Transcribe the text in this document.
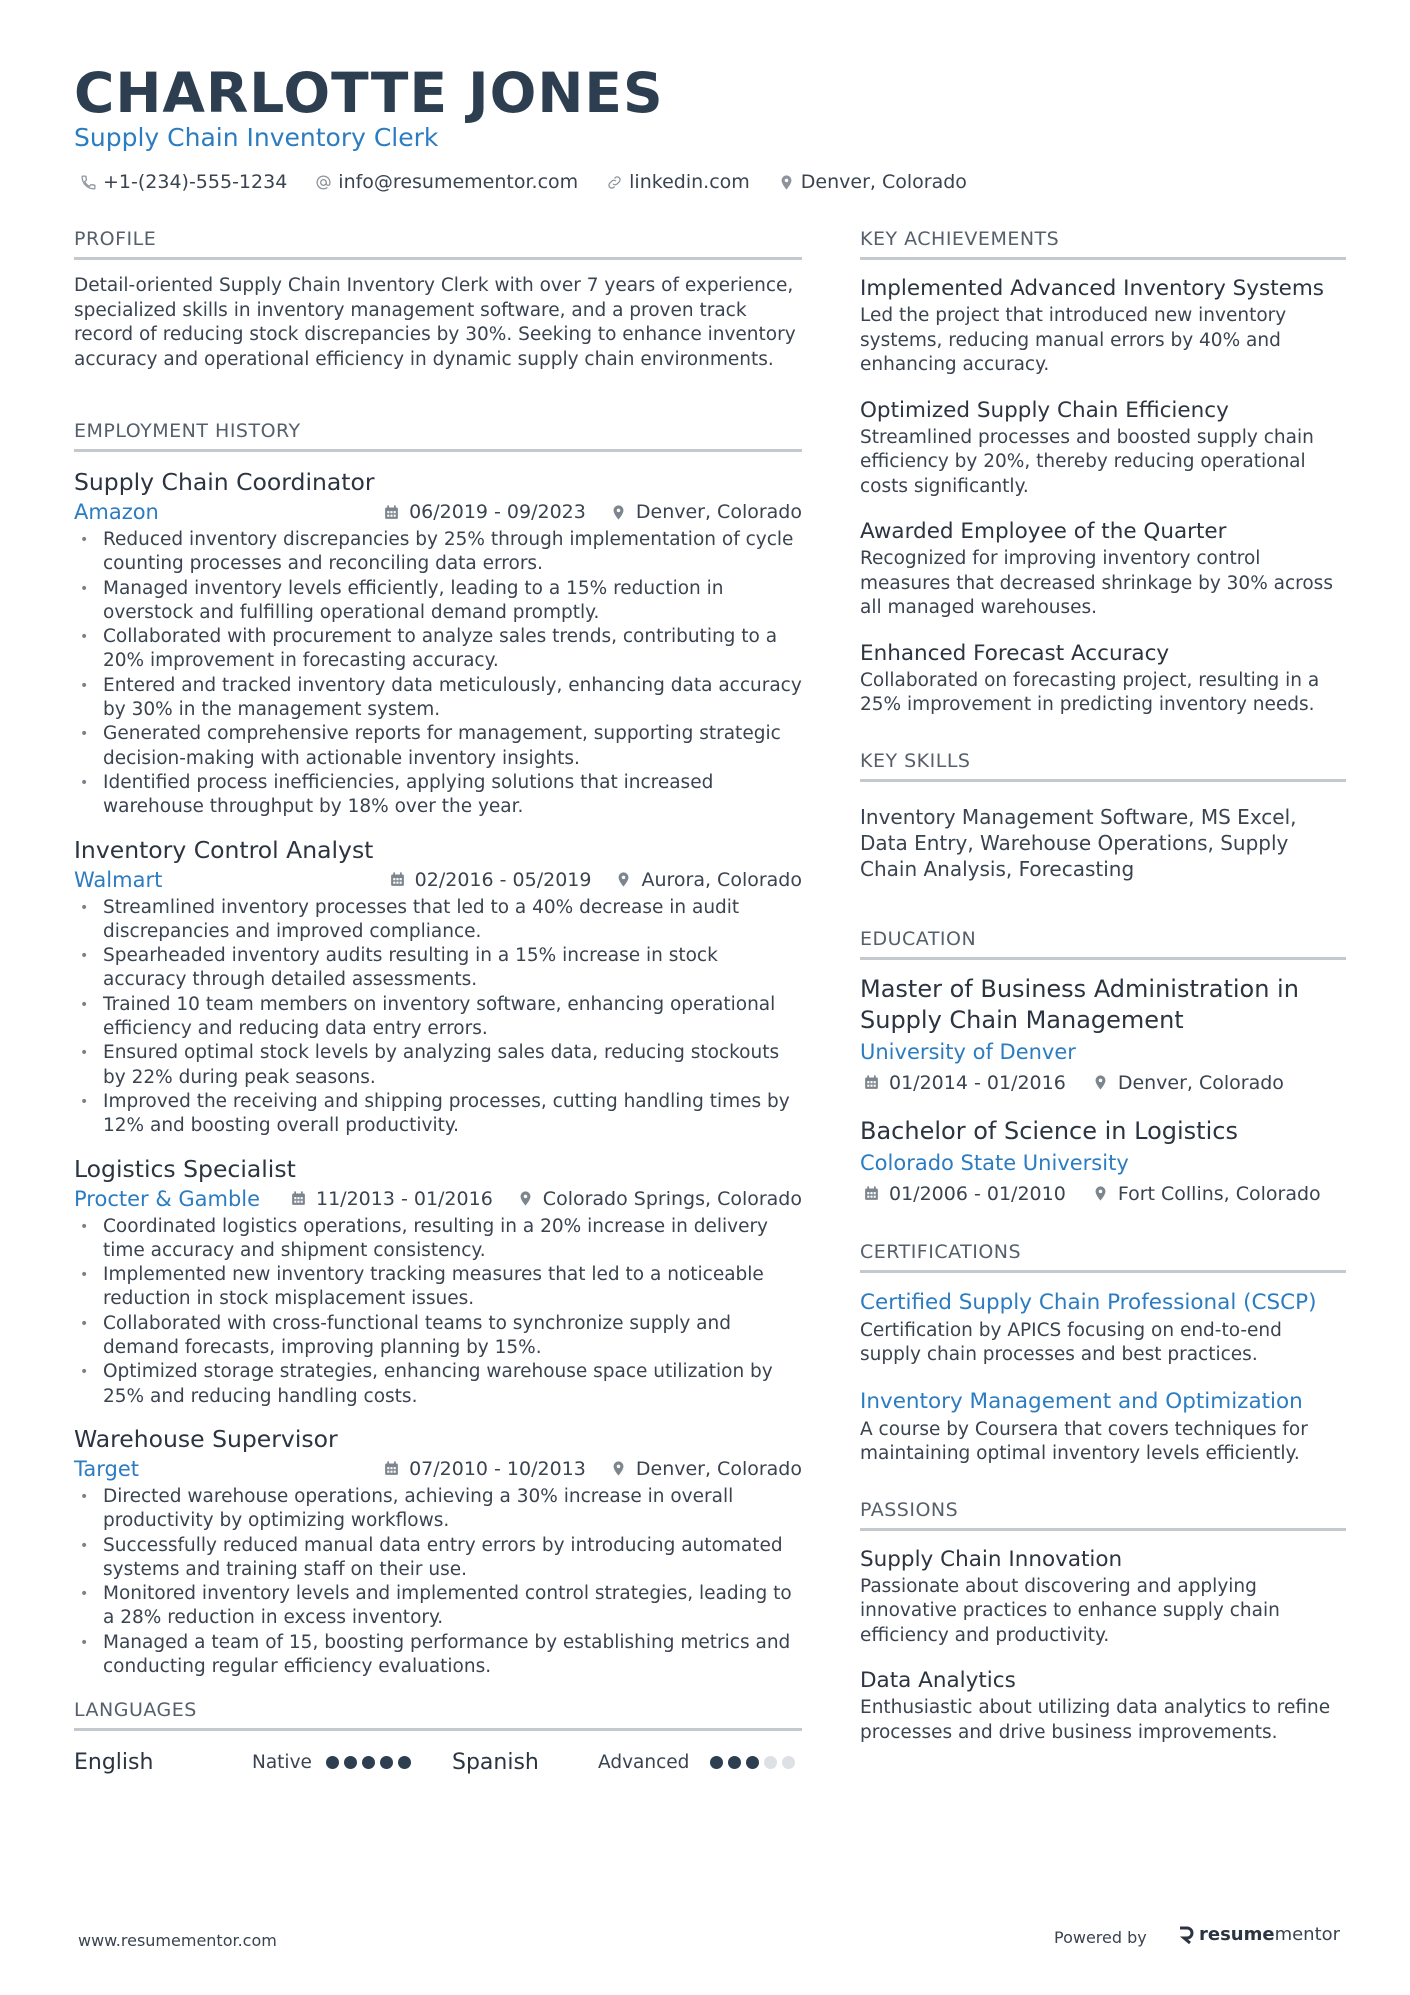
CHARLOTTE JONES
Supply Chain Inventory Clerk
+1-(234)-555-1234	info@resumementor.com	linkedin.com	Denver, Colorado
PROFILE
Detail-oriented Supply Chain Inventory Clerk with over 7 years of experience, specialized skills in inventory management software, and a proven track record of reducing stock discrepancies by 30%. Seeking to enhance inventory accuracy and operational efficiency in dynamic supply chain environments.
EMPLOYMENT HISTORY
Supply Chain Coordinator
Amazon	06/2019 - 09/2023	Denver, Colorado
• Reduced inventory discrepancies by 25% through implementation of cycle counting processes and reconciling data errors.
• Managed inventory levels efficiently, leading to a 15% reduction in overstock and fulfilling operational demand promptly.
• Collaborated with procurement to analyze sales trends, contributing to a 20% improvement in forecasting accuracy.
• Entered and tracked inventory data meticulously, enhancing data accuracy by 30% in the management system.
• Generated comprehensive reports for management, supporting strategic decision-making with actionable inventory insights.
• Identified process inefficiencies, applying solutions that increased warehouse throughput by 18% over the year.
Inventory Control Analyst
Walmart	02/2016 - 05/2019	Aurora, Colorado
• Streamlined inventory processes that led to a 40% decrease in audit discrepancies and improved compliance.
• Spearheaded inventory audits resulting in a 15% increase in stock accuracy through detailed assessments.
• Trained 10 team members on inventory software, enhancing operational efficiency and reducing data entry errors.
• Ensured optimal stock levels by analyzing sales data, reducing stockouts by 22% during peak seasons.
• Improved the receiving and shipping processes, cutting handling times by 12% and boosting overall productivity.
Logistics Specialist
Procter & Gamble	11/2013 - 01/2016	Colorado Springs, Colorado
• Coordinated logistics operations, resulting in a 20% increase in delivery time accuracy and shipment consistency.
• Implemented new inventory tracking measures that led to a noticeable reduction in stock misplacement issues.
• Collaborated with cross-functional teams to synchronize supply and demand forecasts, improving planning by 15%.
• Optimized storage strategies, enhancing warehouse space utilization by 25% and reducing handling costs.
Warehouse Supervisor
Target	07/2010 - 10/2013	Denver, Colorado
• Directed warehouse operations, achieving a 30% increase in overall productivity by optimizing workflows.
• Successfully reduced manual data entry errors by introducing automated systems and training staff on their use.
• Monitored inventory levels and implemented control strategies, leading to a 28% reduction in excess inventory.
• Managed a team of 15, boosting performance by establishing metrics and conducting regular efficiency evaluations.
LANGUAGES
English	Native	Spanish	Advanced
KEY ACHIEVEMENTS
Implemented Advanced Inventory Systems
Led the project that introduced new inventory systems, reducing manual errors by 40% and enhancing accuracy.
Optimized Supply Chain Efficiency
Streamlined processes and boosted supply chain efficiency by 20%, thereby reducing operational costs significantly.
Awarded Employee of the Quarter
Recognized for improving inventory control measures that decreased shrinkage by 30% across all managed warehouses.
Enhanced Forecast Accuracy
Collaborated on forecasting project, resulting in a 25% improvement in predicting inventory needs.
KEY SKILLS
Inventory Management Software, MS Excel, Data Entry, Warehouse Operations, Supply Chain Analysis, Forecasting
EDUCATION
Master of Business Administration in Supply Chain Management
University of Denver
01/2014 - 01/2016	Denver, Colorado
Bachelor of Science in Logistics
Colorado State University
01/2006 - 01/2010	Fort Collins, Colorado
CERTIFICATIONS
Certified Supply Chain Professional (CSCP)
Certification by APICS focusing on end-to-end supply chain processes and best practices.
Inventory Management and Optimization
A course by Coursera that covers techniques for maintaining optimal inventory levels efficiently.
PASSIONS
Supply Chain Innovation
Passionate about discovering and applying innovative practices to enhance supply chain efficiency and productivity.
Data Analytics
Enthusiastic about utilizing data analytics to refine processes and drive business improvements.
www.resumementor.com	Powered by	resumementor
